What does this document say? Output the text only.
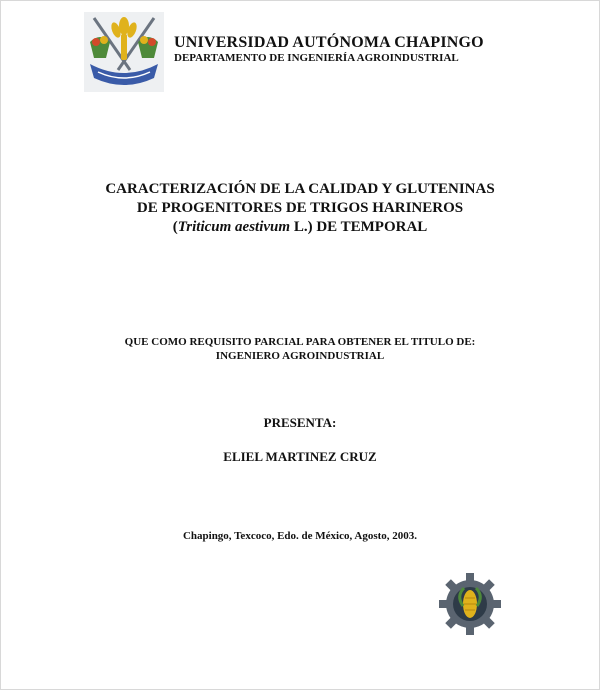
UNIVERSIDAD AUTÓNOMA CHAPINGO
DEPARTAMENTO DE INGENIERÍA AGROINDUSTRIAL
CARACTERIZACIÓN DE LA CALIDAD Y GLUTENINAS
DE PROGENITORES DE TRIGOS HARINEROS
(Triticum aestivum L.) DE TEMPORAL
QUE COMO REQUISITO PARCIAL PARA OBTENER EL TITULO DE:
INGENIERO AGROINDUSTRIAL
PRESENTA:
ELIEL MARTINEZ CRUZ
Chapingo, Texcoco, Edo. de México, Agosto, 2003.
